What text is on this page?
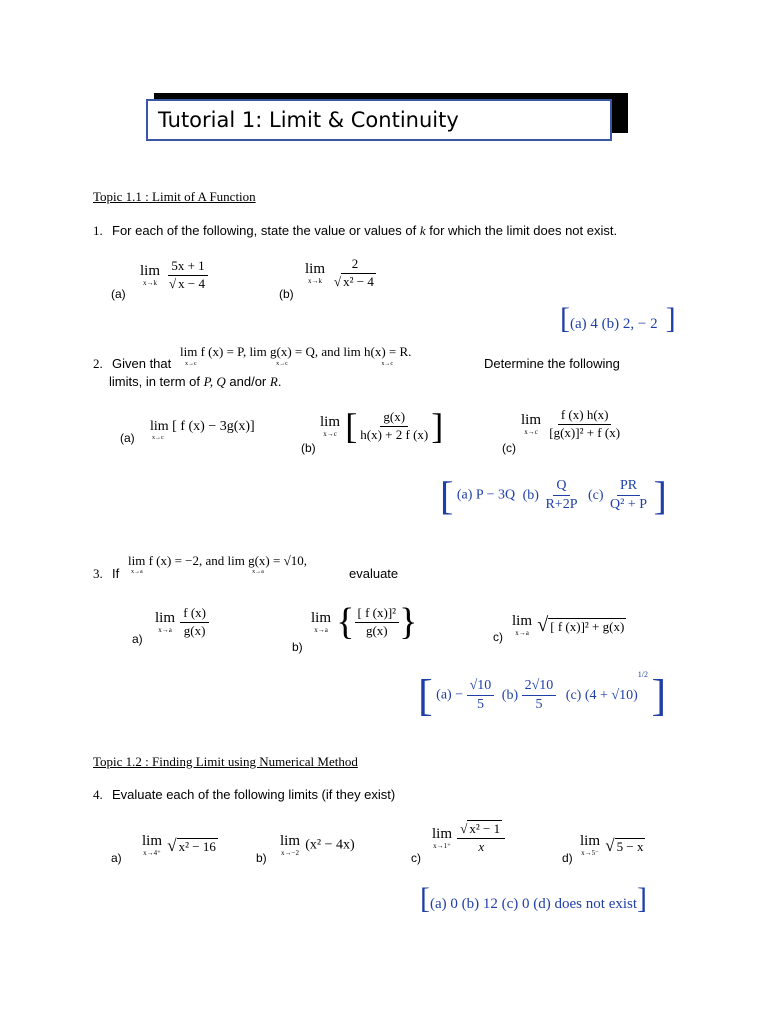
Tutorial 1: Limit & Continuity
Topic 1.1 : Limit of A Function
1. For each of the following, state the value or values of k for which the limit does not exist.
(a)
lim
x→k
$\frac{5x + 1}{√ x - 4}$
(b)
lim
x→k
$\frac{2}{\text{√ x² − 4}}$
[(a) 4 (b) 2, − 2 ]
2. Given that
lim f (x) = P, lim g(x) = Q, and lim h(x) = R.
x→c	x→c	x→c	Determine the following
limits, in term of P, Q and/or R.
(a)
lim [ f (x) − 3g(x)]
x→c
(b)
lim
x→c [ $\frac{g(x)}{h(x) + 2 f (x)}$ ]
(c)
lim
x→c
$\frac{f (x) h(x)}{\text{[g(x)]² + f (x)}}$
[ (a) P − 3Q $(b) \frac{Q}{R+2P} (c) \frac{PR}{\text{Q² + P}}$ ]
3. If
lim f (x) = −2, and lim g(x) = √10,
x→a	x→a	evaluate
a)
lim
x→a
$\frac{f (x)}{g(x)}$
b)
lim
x→a { $\frac{\text{[ f (x)]²}}{g(x)}$ }	c)
lim
x→a √ [ f (x)]² + g(x)
[ $(a) - \frac{√10}{5} (b) \frac{2√10}{5} (c) (4 + √10)^{1/2}$ ]
Topic 1.2 : Finding Limit using Numerical Method
4. Evaluate each of the following limits (if they exist)
a)
lim
x→4⁺ √ x² − 16
b)
lim
x→−2
(x² − 4x)
c)
lim
x→1⁺
$\frac{\text{√ x² − 1}}{x}$
d)
lim
x→5⁻ √ 5 − x
[(a) 0 (b) 12 (c) 0 (d) does not exist]
